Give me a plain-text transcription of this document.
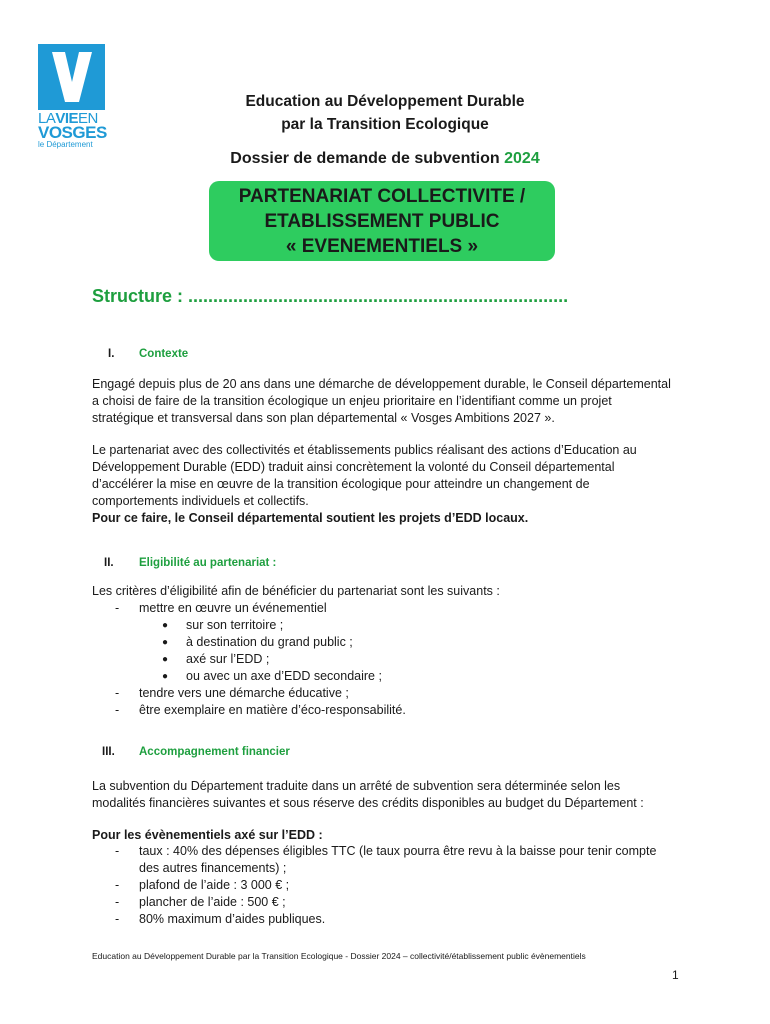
LAVIEEN
VOSGES
le Département
Education au Développement Durable
par la Transition Ecologique
Dossier de demande de subvention 2024
PARTENARIAT COLLECTIVITE /
ETABLISSEMENT PUBLIC
« EVENEMENTIELS »
Structure : ............................................................................
I. Contexte
Engagé depuis plus de 20 ans dans une démarche de développement durable, le Conseil départemental
a choisi de faire de la transition écologique un enjeu prioritaire en l’identifiant comme un projet
stratégique et transversal dans son plan départemental « Vosges Ambitions 2027 ».
Le partenariat avec des collectivités et établissements publics réalisant des actions d’Education au
Développement Durable (EDD) traduit ainsi concrètement la volonté du Conseil départemental
d’accélérer la mise en œuvre de la transition écologique pour atteindre un changement de
comportements individuels et collectifs.
Pour ce faire, le Conseil départemental soutient les projets d’EDD locaux.
II. Eligibilité au partenariat :
Les critères d’éligibilité afin de bénéficier du partenariat sont les suivants :
- mettre en œuvre un événementiel
● sur son territoire ;
● à destination du grand public ;
● axé sur l’EDD ;
● ou avec un axe d’EDD secondaire ;
- tendre vers une démarche éducative ;
- être exemplaire en matière d’éco-responsabilité.
III. Accompagnement financier
La subvention du Département traduite dans un arrêté de subvention sera déterminée selon les
modalités financières suivantes et sous réserve des crédits disponibles au budget du Département :
Pour les évènementiels axé sur l’EDD :
- taux : 40% des dépenses éligibles TTC (le taux pourra être revu à la baisse pour tenir compte
des autres financements) ;
- plafond de l’aide : 3 000 € ;
- plancher de l’aide : 500 € ;
- 80% maximum d’aides publiques.
Education au Développement Durable par la Transition Ecologique - Dossier 2024 – collectivité/établissement public évènementiels
1
